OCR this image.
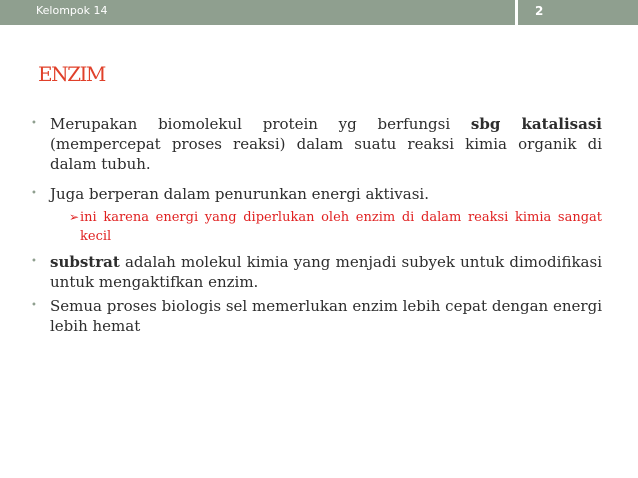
Kelompok 14	2
ENZIM

• Merupakan biomolekul protein yg berfungsi sbg katalisasi (mempercepat proses reaksi) dalam suatu reaksi kimia organik di dalam tubuh.

• Juga berperan dalam penurunkan energi aktivasi.

➢ ini karena energi yang diperlukan oleh enzim di dalam reaksi kimia sangat kecil

• substrat adalah molekul kimia yang menjadi subyek untuk dimodifikasi untuk mengaktifkan enzim.

• Semua proses biologis sel memerlukan enzim lebih cepat dengan energi lebih hemat
